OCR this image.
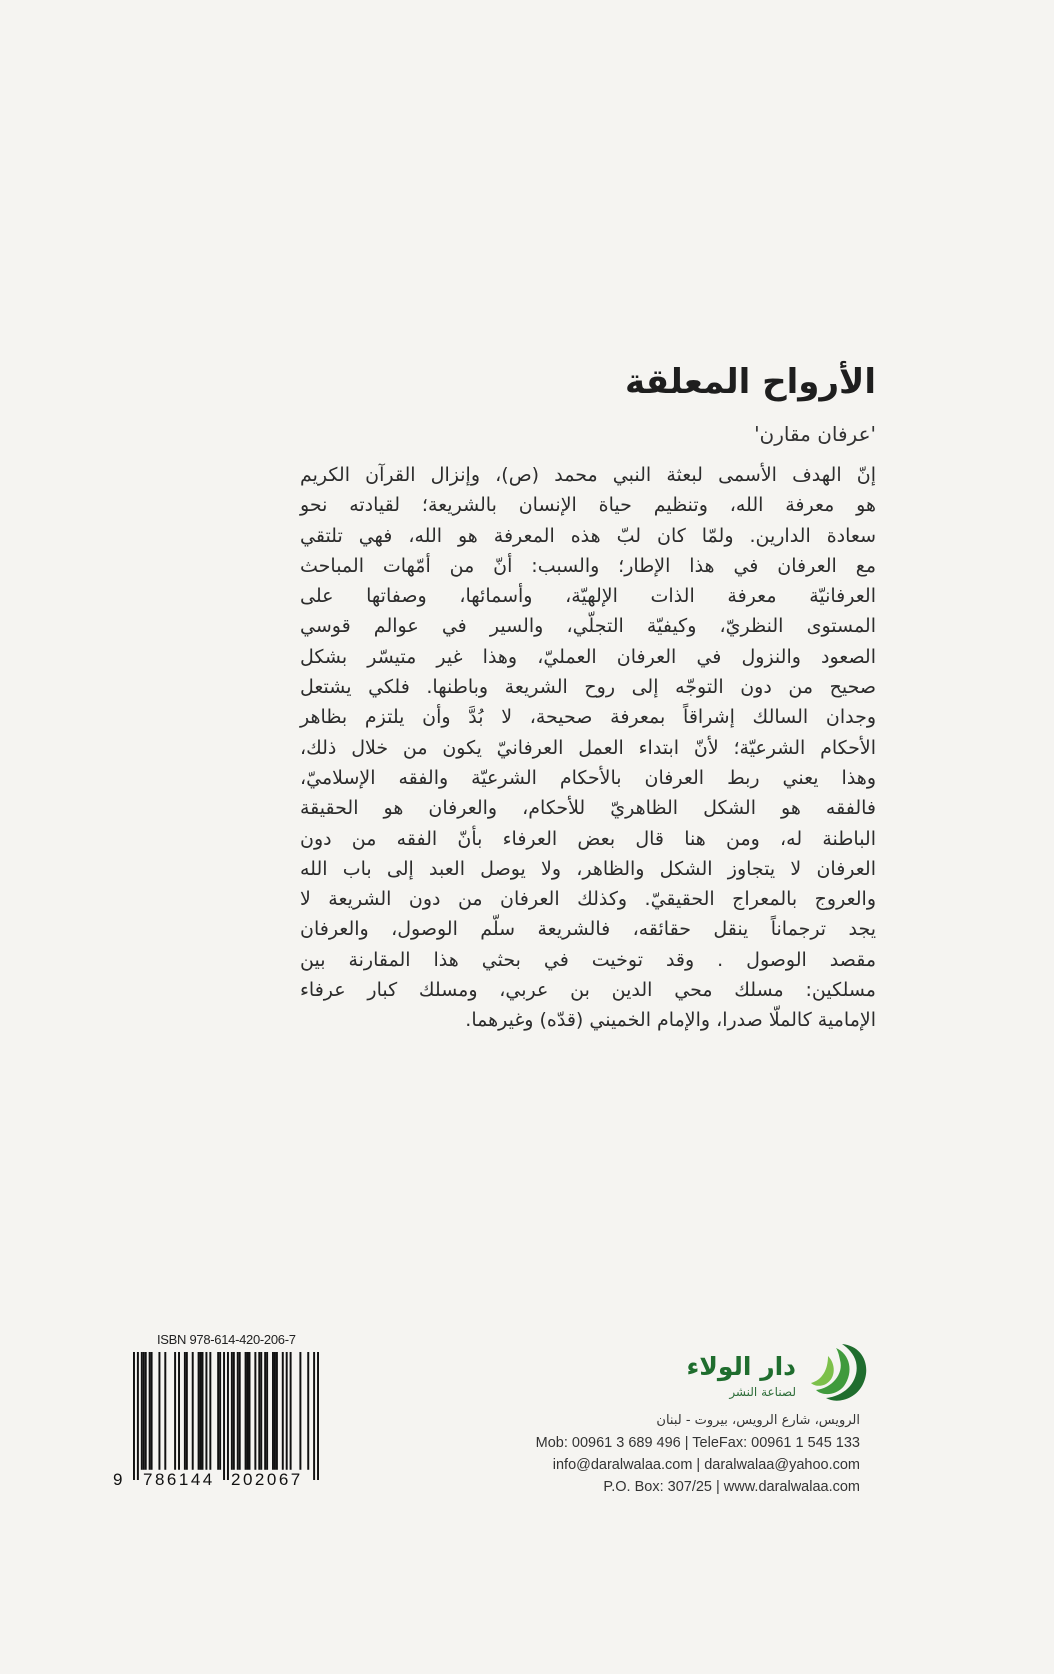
الأرواح المعلقة
'عرفان مقارن'
إنّ الهدف الأسمى لبعثة النبي محمد (ص)، وإنزال القرآن الكريم
هو معرفة الله، وتنظيم حياة الإنسان بالشريعة؛ لقيادته نحو
سعادة الدارين. ولمّا كان لبّ هذه المعرفة هو الله، فهي تلتقي
مع العرفان في هذا الإطار؛ والسبب: أنّ من أمّهات المباحث
العرفانيّة معرفة الذات الإلهيّة، وأسمائها، وصفاتها على
المستوى النظريّ، وكيفيّة التجلّي، والسير في عوالم قوسي
الصعود والنزول في العرفان العمليّ، وهذا غير متيسّر بشكل
صحيح من دون التوجّه إلى روح الشريعة وباطنها. فلكي يشتعل
وجدان السالك إشراقاً بمعرفة صحيحة، لا بُدَّ وأن يلتزم بظاهر
الأحكام الشرعيّة؛ لأنّ ابتداء العمل العرفانيّ يكون من خلال ذلك،
وهذا يعني ربط العرفان بالأحكام الشرعيّة والفقه الإسلاميّ،
فالفقه هو الشكل الظاهريّ للأحكام، والعرفان هو الحقيقة
الباطنة له، ومن هنا قال بعض العرفاء بأنّ الفقه من دون
العرفان لا يتجاوز الشكل والظاهر، ولا يوصل العبد إلى باب الله
والعروج بالمعراج الحقيقيّ. وكذلك العرفان من دون الشريعة لا
يجد ترجماناً ينقل حقائقه، فالشريعة سلّم الوصول، والعرفان
مقصد الوصول . وقد توخيت في بحثي هذا المقارنة بين
مسلكين: مسلك محي الدين بن عربي، ومسلك كبار عرفاء
الإمامية كالملّا صدرا، والإمام الخميني (قدّه) وغيرهما.
ISBN 978-614-420-206-7
9 786144 202067
دار الولاء
لصناعة النشر
الرويس، شارع الرويس، بيروت - لبنان
Mob: 00961 3 689 496 | TeleFax: 00961 1 545 133
info@daralwalaa.com | daralwalaa@yahoo.com
P.O. Box: 307/25 | www.daralwalaa.com
